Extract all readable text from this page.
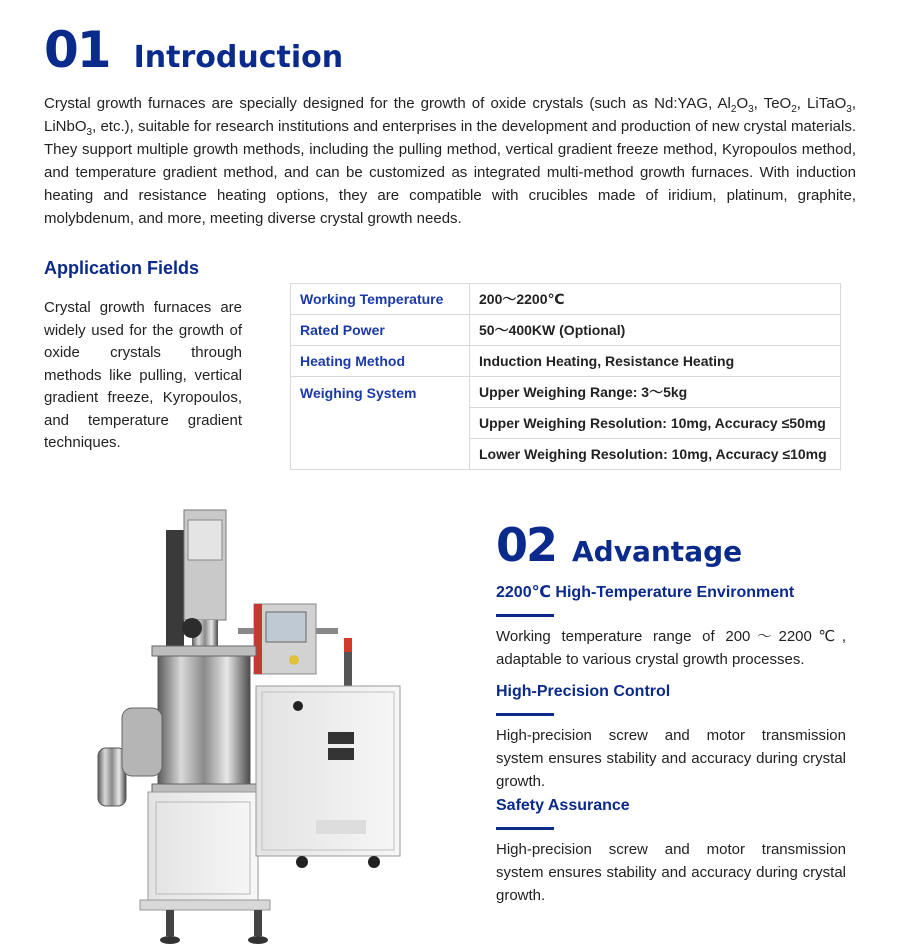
01 Introduction

Crystal growth furnaces are specially designed for the growth of oxide crystals (such as Nd:YAG, $Al_2O_3$, TeO$_2$, LiTaO$_3$, LiNbO$_3$, etc.), suitable for research institutions and enterprises in the development and production of new crystal materials. They support multiple growth methods, including the pulling method, vertical gradient freeze method, Kyropoulos method, and temperature gradient method, and can be customized as integrated multi-method growth furnaces. With induction heating and resistance heating options, they are compatible with crucibles made of iridium, platinum, graphite, molybdenum, and more, meeting diverse crystal growth needs.

Application Fields
Crystal growth furnaces are widely used for the growth of oxide crystals through methods like pulling, vertical gradient freeze, Kyropoulos, and temperature gradient techniques.
Working Temperature	200～2200℃
Rated Power	50～400KW (Optional)
Heating Method	Induction Heating, Resistance Heating
Weighing System	Upper Weighing Range: 3～5kg
	Upper Weighing Resolution: 10mg, Accuracy ≤50mg
	Lower Weighing Resolution: 10mg, Accuracy ≤10mg
02 Advantage

2200℃ High-Temperature Environment

Working temperature range of 200～2200℃, adaptable to various crystal growth processes.

High-Precision Control

High-precision screw and motor transmission system ensures stability and accuracy during crystal growth.

Safety Assurance

High-precision screw and motor transmission system ensures stability and accuracy during crystal growth.
